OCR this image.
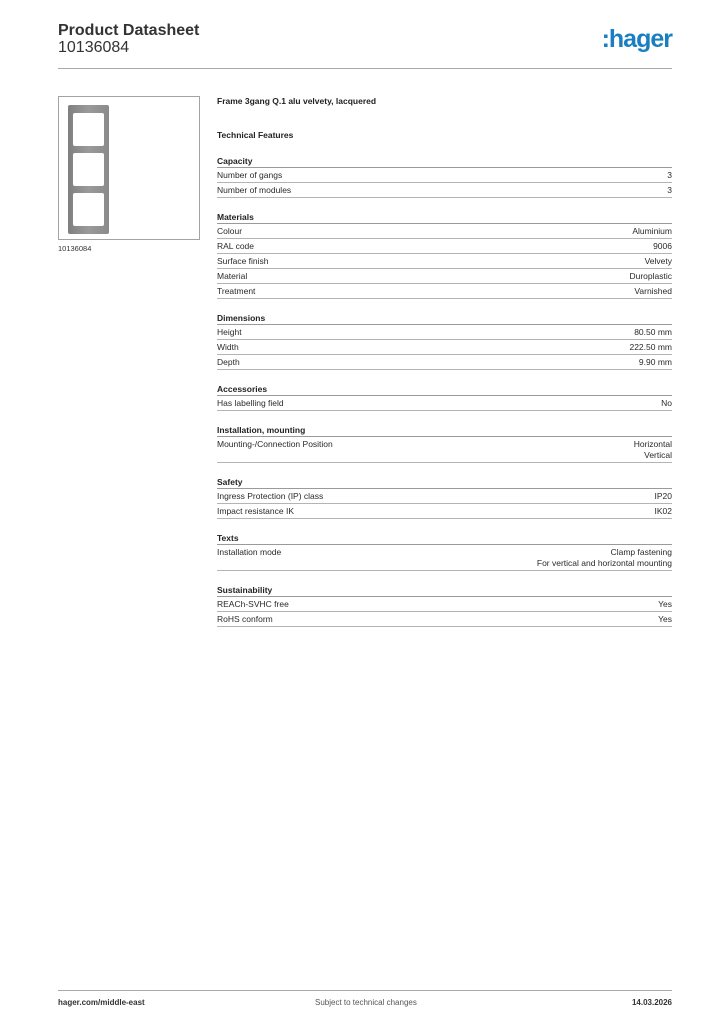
Product Datasheet
10136084	:hager
10136084
Frame 3gang Q.1 alu velvety, lacquered
Technical Features
Capacity
Number of gangs	3
Number of modules	3
Materials
Colour	Aluminium
RAL code	9006
Surface finish	Velvety
Material	Duroplastic
Treatment	Varnished
Dimensions
Height	80.50 mm
Width	222.50 mm
Depth	9.90 mm
Accessories
Has labelling field	No
Installation, mounting
Mounting-/Connection Position	Horizontal
Vertical
Safety
Ingress Protection (IP) class	IP20
Impact resistance IK	IK02
Texts
Installation mode	Clamp fastening
For vertical and horizontal mounting
Sustainability
REACh-SVHC free	Yes
RoHS conform	Yes
hager.com/middle-east	Subject to technical changes	14.03.2026
